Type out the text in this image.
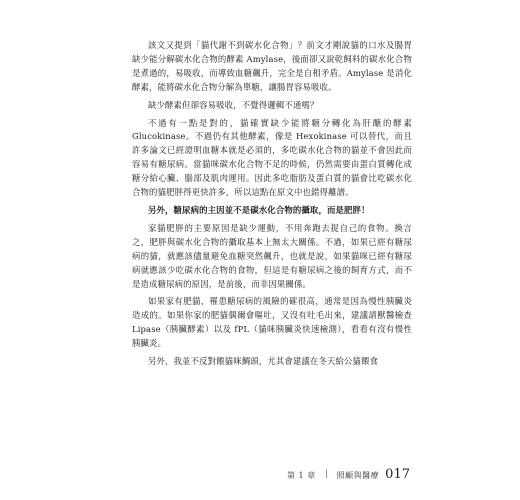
該文又提到「貓代謝不到碳水化合物」？前文才剛說貓的口水及腸胃缺少能分解碳水化合物的酵素 Amylase，後面卻又說乾飼料的碳水化合物是煮過的，易吸收，而導致血糖飆升，完全是自相矛盾。Amylase 是消化酵素，能將碳水化合物分解為單糖，讓腸胃容易吸收。

缺少酵素但卻容易吸收，不覺得邏輯不通嗎？

不過有一點是對的，貓確實缺少能將糖分轉化為肝醣的酵素 Glucokinase。不過仍有其他酵素，像是 Hexokinase 可以替代，而且許多論文已經證明血糖本就是必須的，多吃碳水化合物的貓並不會因此而容易有糖尿病。當貓咪碳水化合物不足的時候，仍然需要由蛋白質轉化成糖分給心臟、腦部及肌肉運用。因此多吃脂肪及蛋白質的貓會比吃碳水化合物的貓肥胖得更快許多，所以這點在原文中也錯得離譜。

另外，糖尿病的主因並不是碳水化合物的攝取，而是肥胖！

家貓肥胖的主要原因是缺少運動，不用奔跑去捉自己的食物。換言之，肥胖與碳水化合物的攝取基本上無太大關係。不過，如果已經有糖尿病的貓，就應該儘量避免血糖突然飆升，也就是說，如果貓咪已經有糖尿病就應該少吃碳水化合物的食物，但這是有糖尿病之後的飼育方式，而不是造成糖尿病的原因，是前後，而非因果關係。

如果家有肥貓，罹患糖尿病的風險的確很高，通常是因為慢性胰臟炎造成的。如果你家的肥貓偶爾會嘔吐，又沒有吐毛出來，建議請獸醫檢查 Lipase（胰臟酵素）以及 fPL（貓咪胰臟炎快速檢測），看看有沒有慢性胰臟炎。

另外，我並不反對餵貓咪鯛頭，尤其會建議在冬天給公貓餵食

第 1 章	照顧與醫療 017
